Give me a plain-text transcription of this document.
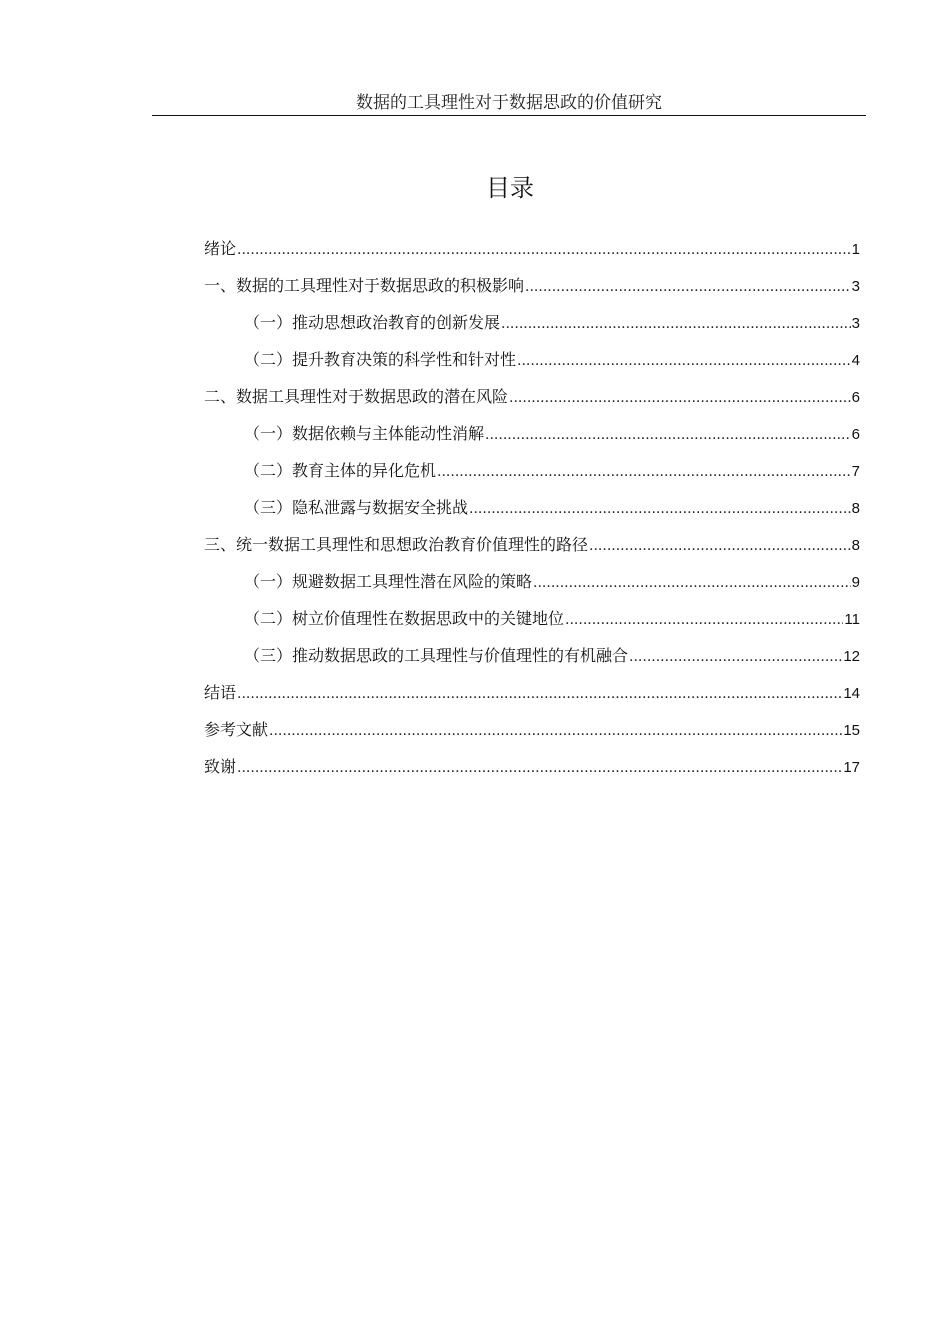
数据的工具理性对于数据思政的价值研究
目录
绪论 .....	1
一、数据的工具理性对于数据思政的积极影响 .....	3
（一）推动思想政治教育的创新发展 .....	3
（二）提升教育决策的科学性和针对性 .....	4
二、数据工具理性对于数据思政的潜在风险 .....	6
（一）数据依赖与主体能动性消解 .....	6
（二）教育主体的异化危机 .....	7
（三）隐私泄露与数据安全挑战 .....	8
三、统一数据工具理性和思想政治教育价值理性的路径 .....	8
（一）规避数据工具理性潜在风险的策略 .....	9
（二）树立价值理性在数据思政中的关键地位 .....	11
（三）推动数据思政的工具理性与价值理性的有机融合 .....	12
结语 .....	14
参考文献 .....	15
致谢 .....	17
